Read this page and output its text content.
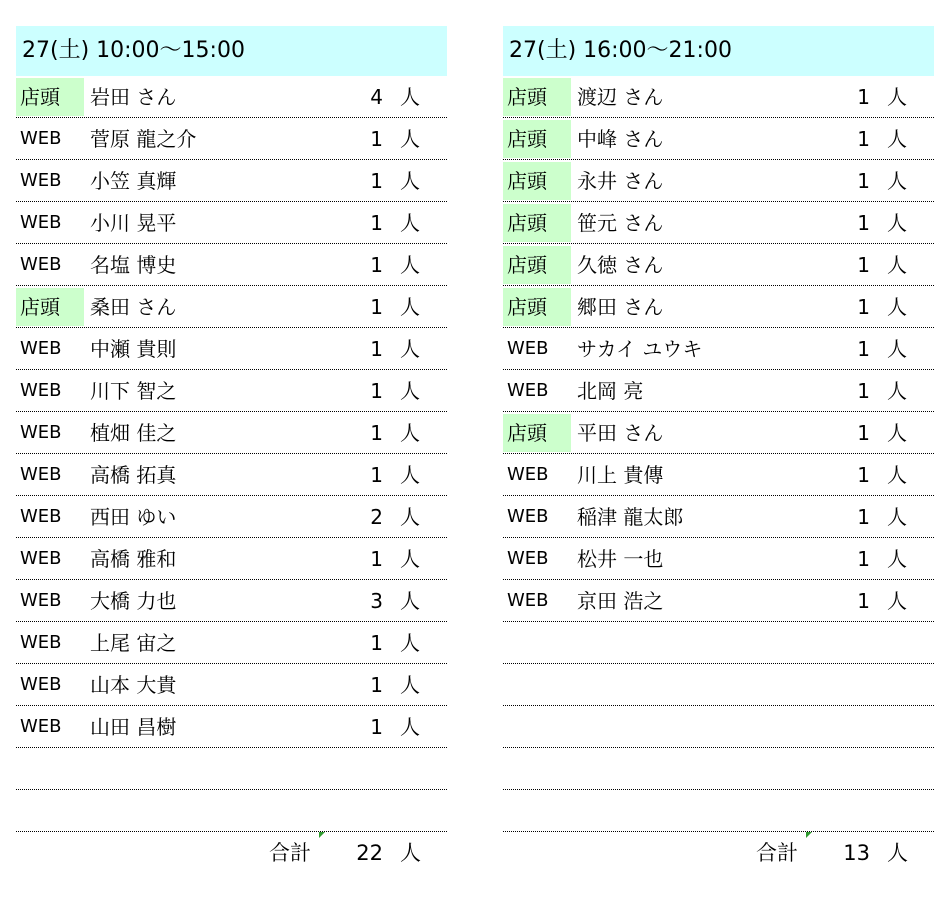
27(土) 10:00〜15:00
店頭	岩田 さん	4 人
WEB	菅原 龍之介	1 人
WEB	小笠 真輝	1 人
WEB	小川 晃平	1 人
WEB	名塩 博史	1 人
店頭	桑田 さん	1 人
WEB	中瀬 貴則	1 人
WEB	川下 智之	1 人
WEB	植畑 佳之	1 人
WEB	高橋 拓真	1 人
WEB	西田 ゆい	2 人
WEB	高橋 雅和	1 人
WEB	大橋 力也	3 人
WEB	上尾 宙之	1 人
WEB	山本 大貴	1 人
WEB	山田 昌樹	1 人
合計 22 人
27(土) 16:00〜21:00
店頭	渡辺 さん	1 人
店頭	中峰 さん	1 人
店頭	永井 さん	1 人
店頭	笹元 さん	1 人
店頭	久徳 さん	1 人
店頭	郷田 さん	1 人
WEB	サカイ ユウキ	1 人
WEB	北岡 亮	1 人
店頭	平田 さん	1 人
WEB	川上 貴傳	1 人
WEB	稲津 龍太郎	1 人
WEB	松井 一也	1 人
WEB	京田 浩之	1 人
合計 13 人
